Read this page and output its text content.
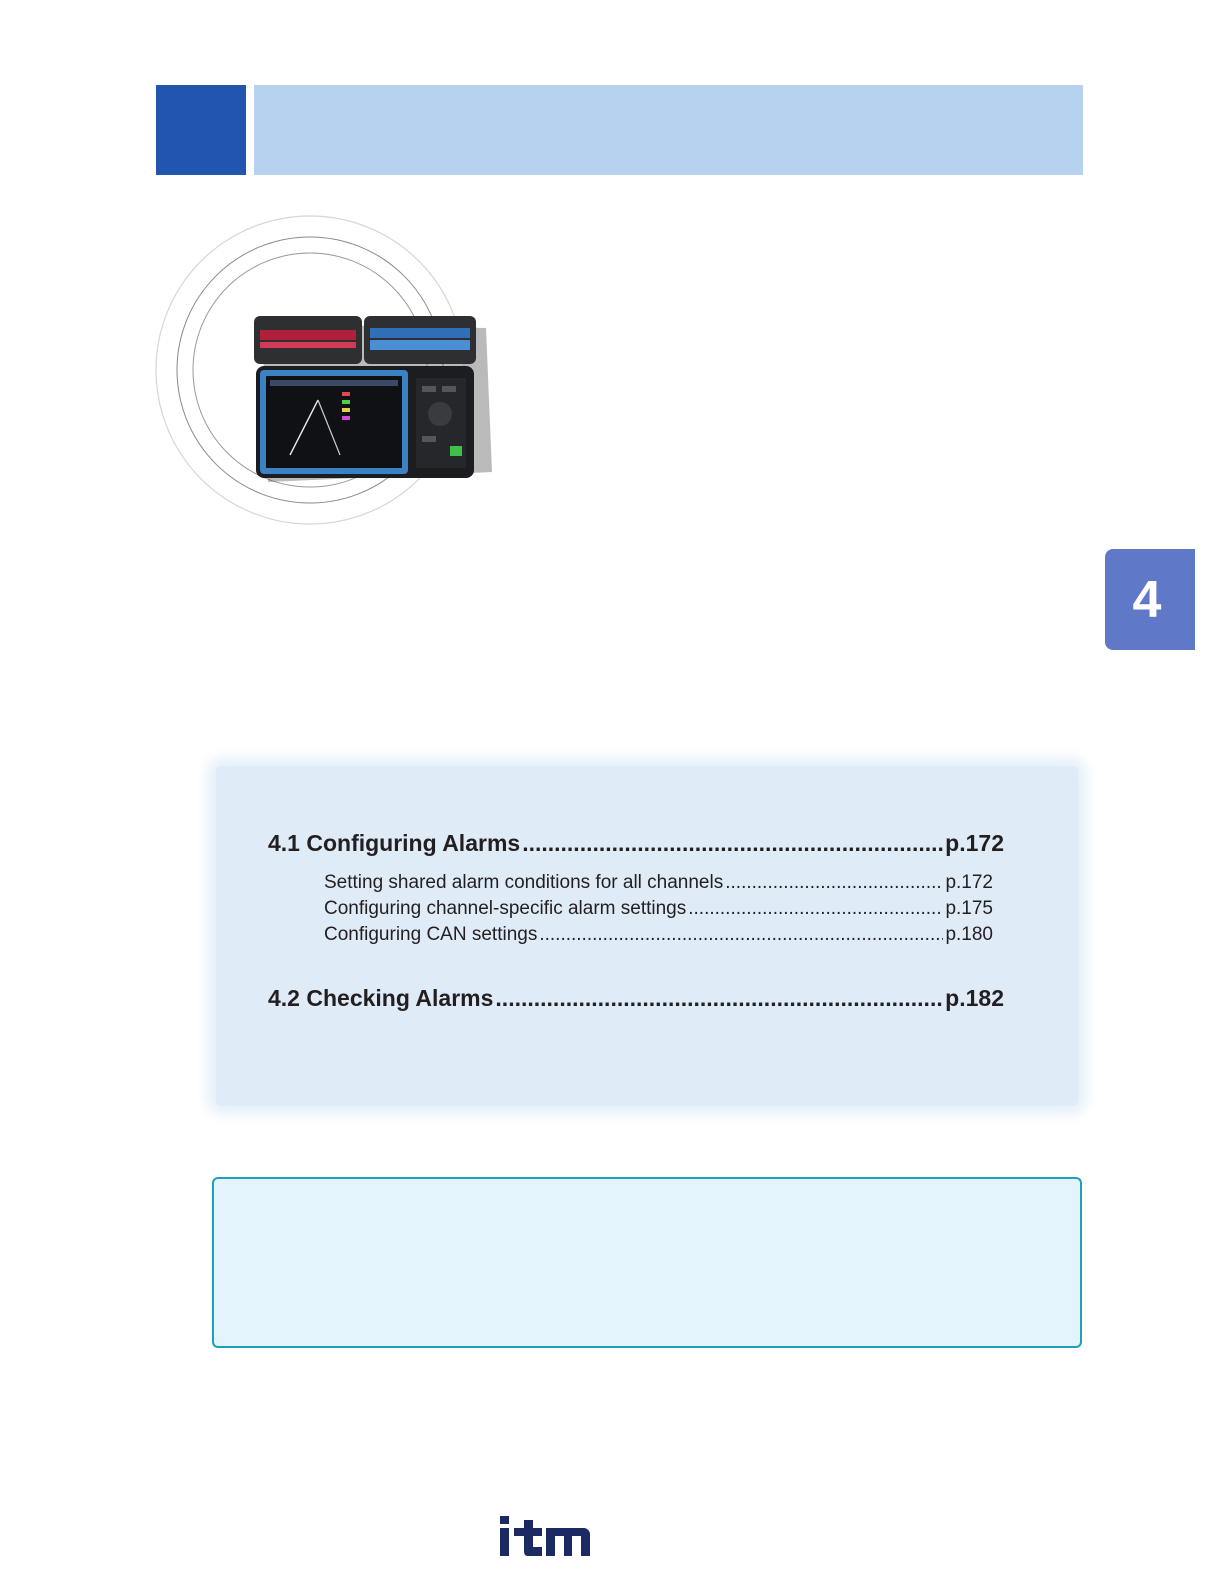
4
4.1 Configuring Alarms .....	p.172
Setting shared alarm conditions for all channels .....	p.172
Configuring channel-specific alarm settings .....	p.175
Configuring CAN settings .....	p.180
4.2 Checking Alarms .....	p.182
